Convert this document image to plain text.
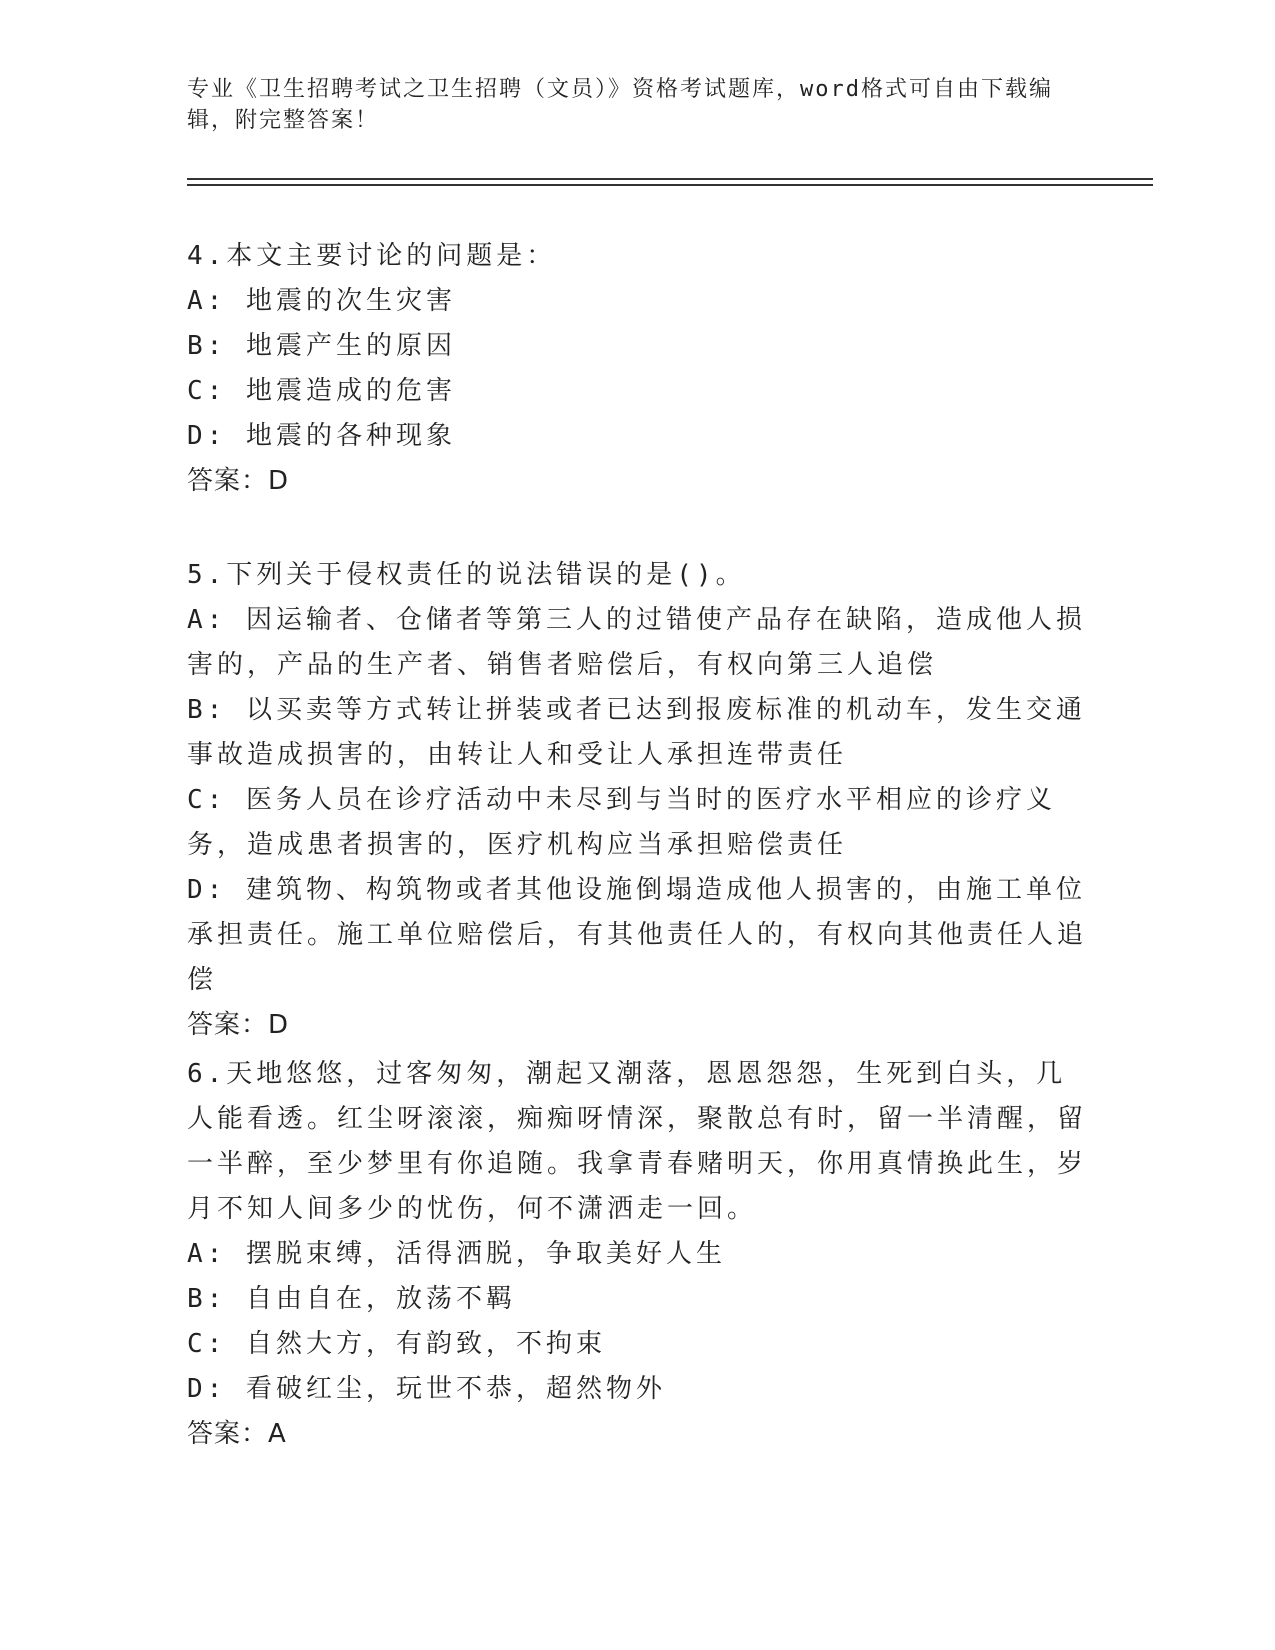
专业《卫生招聘考试之卫生招聘（文员）》资格考试题库，word格式可自由下载编辑，附完整答案！

4.本文主要讨论的问题是：

A: 地震的次生灾害

B: 地震产生的原因

C: 地震造成的危害

D: 地震的各种现象

答案：D

5.下列关于侵权责任的说法错误的是()。

A: 因运输者、仓储者等第三人的过错使产品存在缺陷，造成他人损害的，产品的生产者、销售者赔偿后，有权向第三人追偿

B: 以买卖等方式转让拼装或者已达到报废标准的机动车，发生交通事故造成损害的，由转让人和受让人承担连带责任

C: 医务人员在诊疗活动中未尽到与当时的医疗水平相应的诊疗义务，造成患者损害的，医疗机构应当承担赔偿责任

D: 建筑物、构筑物或者其他设施倒塌造成他人损害的，由施工单位承担责任。施工单位赔偿后，有其他责任人的，有权向其他责任人追偿

答案：D

6.天地悠悠，过客匆匆，潮起又潮落，恩恩怨怨，生死到白头，几人能看透。红尘呀滚滚，痴痴呀情深，聚散总有时，留一半清醒，留一半醉，至少梦里有你追随。我拿青春赌明天，你用真情换此生，岁月不知人间多少的忧伤，何不潇洒走一回。

A: 摆脱束缚，活得洒脱，争取美好人生

B: 自由自在，放荡不羁

C: 自然大方，有韵致，不拘束

D: 看破红尘，玩世不恭，超然物外

答案：A
